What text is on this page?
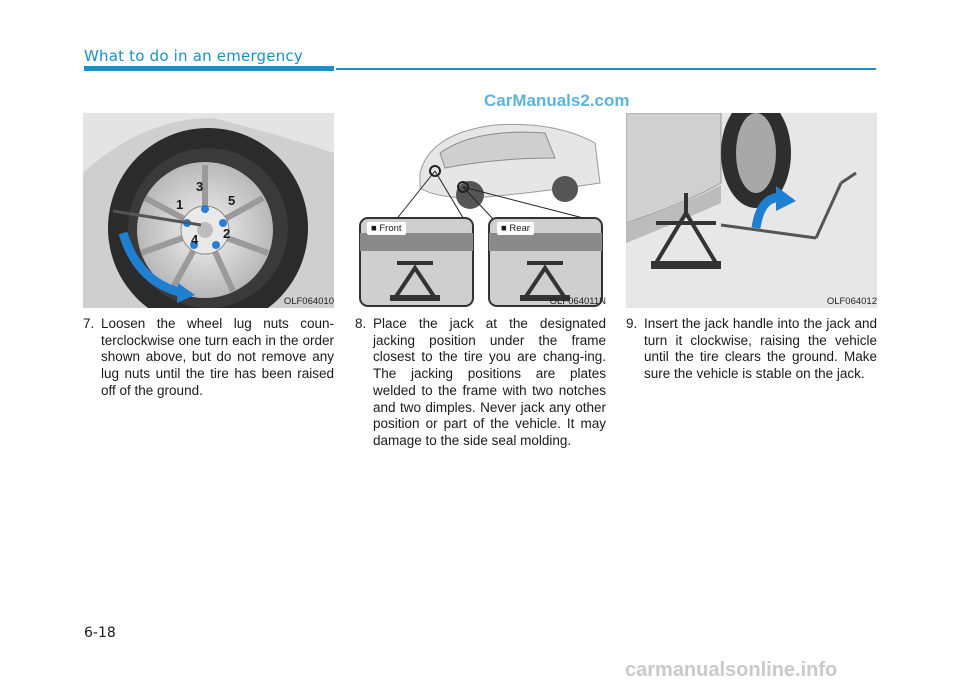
What to do in an emergency
CarManuals2.com
3
1	5
4 2
OLF064010
■ Front	■ Rear
OLF064011N	OLF064012
7. Loosen the wheel lug nuts coun-terclockwise one turn each in the order shown above, but do not remove any lug nuts until the tire has been raised off of the ground.
8. Place the jack at the designated jacking position under the frame closest to the tire you are chang-ing. The jacking positions are plates welded to the frame with two notches and two dimples. Never jack any other position or part of the vehicle. It may damage to the side seal molding.
9. Insert the jack handle into the jack and turn it clockwise, raising the vehicle until the tire clears the ground. Make sure the vehicle is stable on the jack.
6-18
carmanualsonline.info
